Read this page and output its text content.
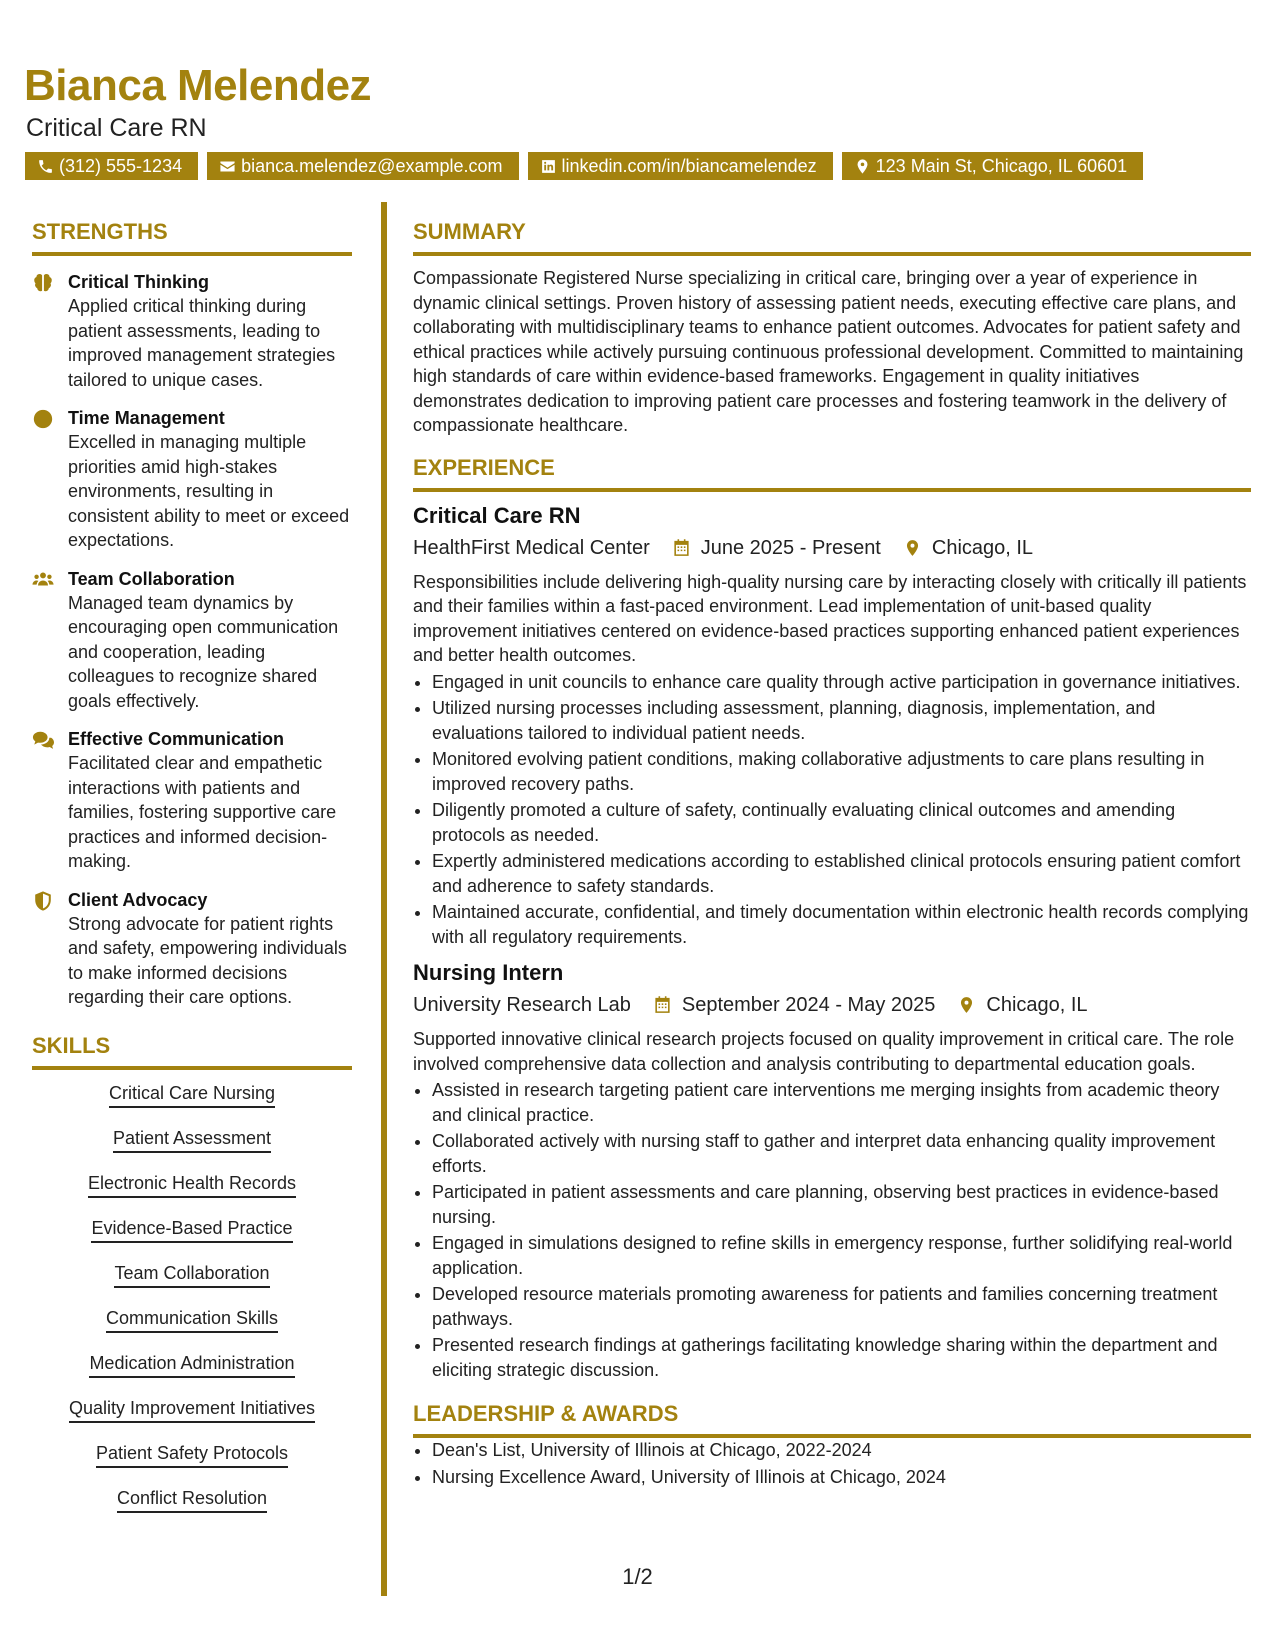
Bianca Melendez
Critical Care RN
(312) 555-1234	bianca.melendez@example.com	linkedin.com/in/biancamelendez	123 Main St, Chicago, IL 60601
STRENGTHS
Critical Thinking
Applied critical thinking during patient assessments, leading to improved management strategies tailored to unique cases.
Time Management
Excelled in managing multiple priorities amid high-stakes environments, resulting in consistent ability to meet or exceed expectations.
Team Collaboration
Managed team dynamics by encouraging open communication and cooperation, leading colleagues to recognize shared goals effectively.
Effective Communication
Facilitated clear and empathetic interactions with patients and families, fostering supportive care practices and informed decision-making.
Client Advocacy
Strong advocate for patient rights and safety, empowering individuals to make informed decisions regarding their care options.
SKILLS
Critical Care Nursing
Patient Assessment
Electronic Health Records
Evidence-Based Practice
Team Collaboration
Communication Skills
Medication Administration
Quality Improvement Initiatives
Patient Safety Protocols
Conflict Resolution
SUMMARY

Compassionate Registered Nurse specializing in critical care, bringing over a year of experience in dynamic clinical settings. Proven history of assessing patient needs, executing effective care plans, and collaborating with multidisciplinary teams to enhance patient outcomes. Advocates for patient safety and ethical practices while actively pursuing continuous professional development. Committed to maintaining high standards of care within evidence-based frameworks. Engagement in quality initiatives demonstrates dedication to improving patient care processes and fostering teamwork in the delivery of compassionate healthcare.

EXPERIENCE
Critical Care RN
HealthFirst Medical Center	June 2025 - Present	Chicago, IL
Responsibilities include delivering high-quality nursing care by interacting closely with critically ill patients and their families within a fast-paced environment. Lead implementation of unit-based quality improvement initiatives centered on evidence-based practices supporting enhanced patient experiences and better health outcomes.
• Engaged in unit councils to enhance care quality through active participation in governance initiatives.
• Utilized nursing processes including assessment, planning, diagnosis, implementation, and evaluations tailored to individual patient needs.
• Monitored evolving patient conditions, making collaborative adjustments to care plans resulting in improved recovery paths.
• Diligently promoted a culture of safety, continually evaluating clinical outcomes and amending protocols as needed.
• Expertly administered medications according to established clinical protocols ensuring patient comfort and adherence to safety standards.
• Maintained accurate, confidential, and timely documentation within electronic health records complying with all regulatory requirements.
Nursing Intern
University Research Lab	September 2024 - May 2025	Chicago, IL
Supported innovative clinical research projects focused on quality improvement in critical care. The role involved comprehensive data collection and analysis contributing to departmental education goals.
• Assisted in research targeting patient care interventions me merging insights from academic theory and clinical practice.
• Collaborated actively with nursing staff to gather and interpret data enhancing quality improvement efforts.
• Participated in patient assessments and care planning, observing best practices in evidence-based nursing.
• Engaged in simulations designed to refine skills in emergency response, further solidifying real-world application.
• Developed resource materials promoting awareness for patients and families concerning treatment pathways.
• Presented research findings at gatherings facilitating knowledge sharing within the department and eliciting strategic discussion.
LEADERSHIP & AWARDS
• Dean's List, University of Illinois at Chicago, 2022-2024
• Nursing Excellence Award, University of Illinois at Chicago, 2024
1/2
